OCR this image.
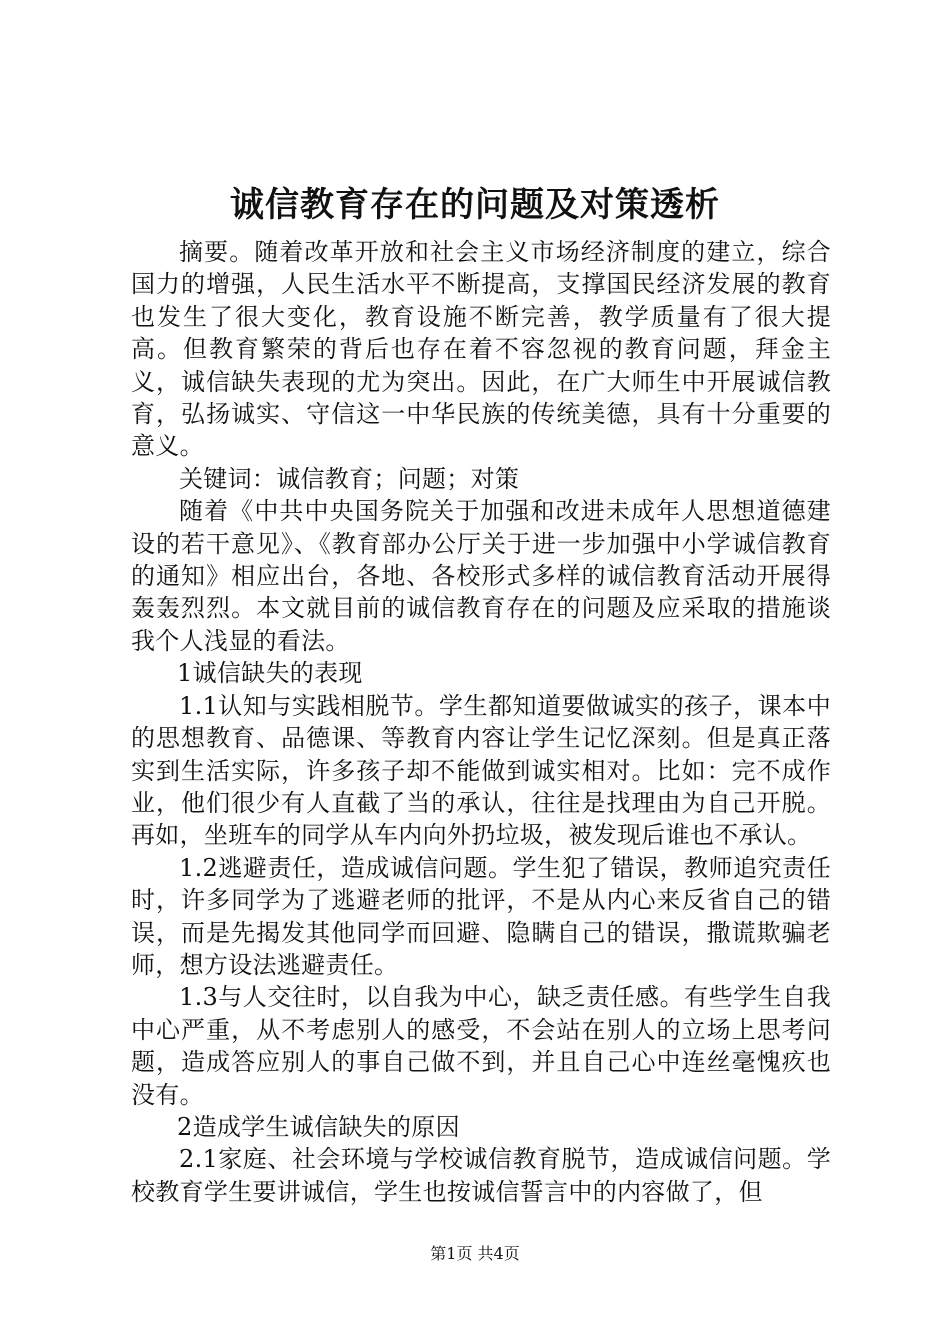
诚信教育存在的问题及对策透析

摘要。随着改革开放和社会主义市场经济制度的建立，综合国力的增强，人民生活水平不断提高，支撑国民经济发展的教育也发生了很大变化，教育设施不断完善，教学质量有了很大提高。但教育繁荣的背后也存在着不容忽视的教育问题，拜金主义，诚信缺失表现的尤为突出。因此，在广大师生中开展诚信教育，弘扬诚实、守信这一中华民族的传统美德，具有十分重要的意义。

关键词：诚信教育；问题；对策

随着《中共中央国务院关于加强和改进未成年人思想道德建设的若干意见》、《教育部办公厅关于进一步加强中小学诚信教育的通知》相应出台，各地、各校形式多样的诚信教育活动开展得轰轰烈烈。本文就目前的诚信教育存在的问题及应采取的措施谈我个人浅显的看法。

1诚信缺失的表现

1.1认知与实践相脱节。学生都知道要做诚实的孩子，课本中的思想教育、品德课、等教育内容让学生记忆深刻。但是真正落实到生活实际，许多孩子却不能做到诚实相对。比如：完不成作业，他们很少有人直截了当的承认，往往是找理由为自己开脱。再如，坐班车的同学从车内向外扔垃圾，被发现后谁也不承认。

1.2逃避责任，造成诚信问题。学生犯了错误，教师追究责任时，许多同学为了逃避老师的批评，不是从内心来反省自己的错误，而是先揭发其他同学而回避、隐瞒自己的错误，撒谎欺骗老师，想方设法逃避责任。

1.3与人交往时，以自我为中心，缺乏责任感。有些学生自我中心严重，从不考虑别人的感受，不会站在别人的立场上思考问题，造成答应别人的事自己做不到，并且自己心中连丝毫愧疚也没有。

2造成学生诚信缺失的原因

2.1家庭、社会环境与学校诚信教育脱节，造成诚信问题。学校教育学生要讲诚信，学生也按诚信誓言中的内容做了，但

第1页 共4页
